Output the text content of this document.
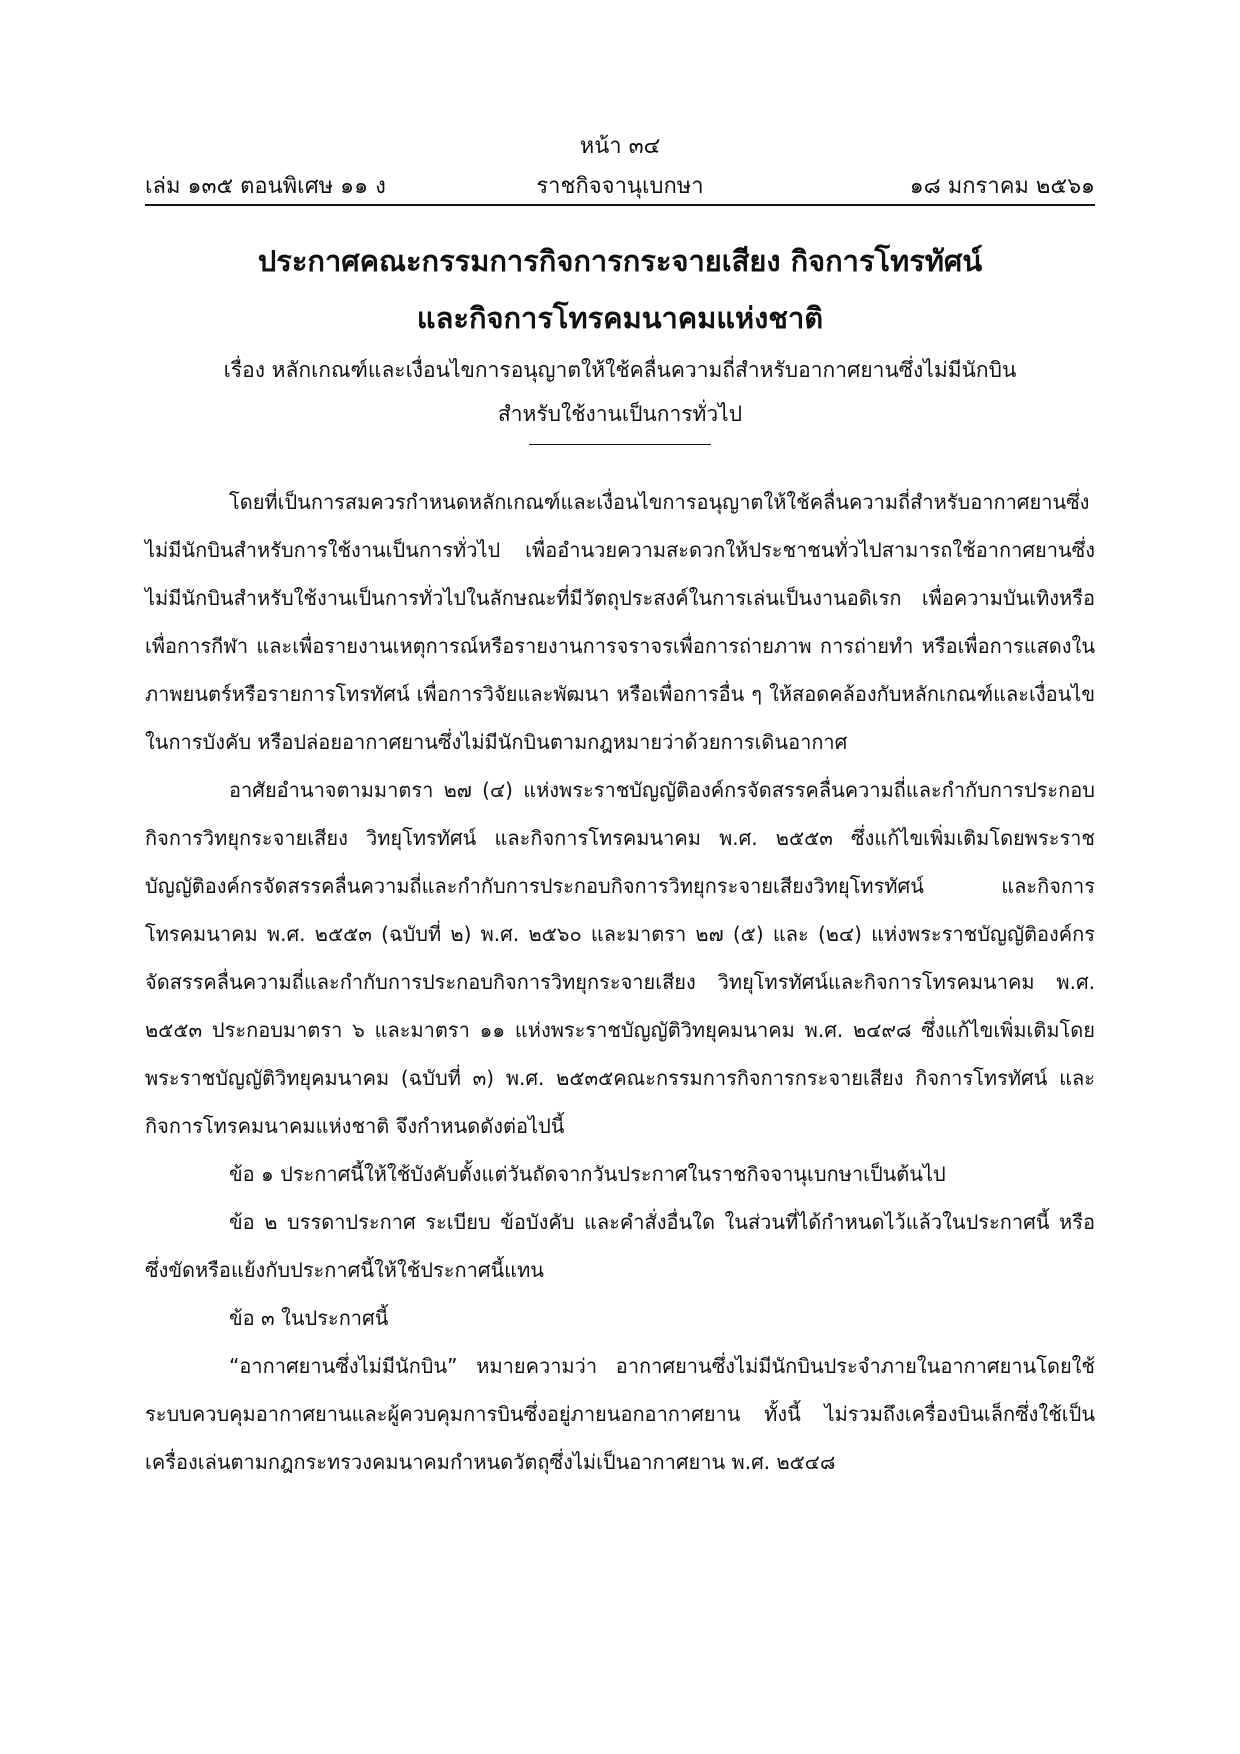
หน้า ๓๔
เล่ม ๑๓๕ ตอนพิเศษ ๑๑ ง	ราชกิจจานุเบกษา	๑๘ มกราคม ๒๕๖๑
ประกาศคณะกรรมการกิจการกระจายเสียง กิจการโทรทัศน์
และกิจการโทรคมนาคมแห่งชาติ
เรื่อง หลักเกณฑ์และเงื่อนไขการอนุญาตให้ใช้คลื่นความถี่สำหรับอากาศยานซึ่งไม่มีนักบิน
สำหรับใช้งานเป็นการทั่วไป

โดยที่เป็นการสมควรกำหนดหลักเกณฑ์และเงื่อนไขการอนุญาตให้ใช้คลื่นความถี่สำหรับอากาศยานซึ่งไม่มีนักบินสำหรับการใช้งานเป็นการทั่วไป เพื่ออำนวยความสะดวกให้ประชาชนทั่วไปสามารถใช้อากาศยานซึ่งไม่มีนักบินสำหรับใช้งานเป็นการทั่วไปในลักษณะที่มีวัตถุประสงค์ในการเล่นเป็นงานอดิเรก เพื่อความบันเทิงหรือเพื่อการกีฬา และเพื่อรายงานเหตุการณ์หรือรายงานการจราจรเพื่อการถ่ายภาพ การถ่ายทำ หรือเพื่อการแสดงในภาพยนตร์หรือรายการโทรทัศน์ เพื่อการวิจัยและพัฒนา หรือเพื่อการอื่น ๆ ให้สอดคล้องกับหลักเกณฑ์และเงื่อนไขในการบังคับ หรือปล่อยอากาศยานซึ่งไม่มีนักบินตามกฎหมายว่าด้วยการเดินอากาศ

อาศัยอำนาจตามมาตรา ๒๗ (๔) แห่งพระราชบัญญัติองค์กรจัดสรรคลื่นความถี่และกำกับการประกอบกิจการวิทยุกระจายเสียง วิทยุโทรทัศน์ และกิจการโทรคมนาคม พ.ศ. ๒๕๕๓ ซึ่งแก้ไขเพิ่มเติมโดยพระราชบัญญัติองค์กรจัดสรรคลื่นความถี่และกำกับการประกอบกิจการวิทยุกระจายเสียงวิทยุโทรทัศน์ และกิจการโทรคมนาคม พ.ศ. ๒๕๕๓ (ฉบับที่ ๒) พ.ศ. ๒๕๖๐ และมาตรา ๒๗ (๕) และ (๒๔) แห่งพระราชบัญญัติองค์กรจัดสรรคลื่นความถี่และกำกับการประกอบกิจการวิทยุกระจายเสียง วิทยุโทรทัศน์และกิจการโทรคมนาคม พ.ศ. ๒๕๕๓ ประกอบมาตรา ๖ และมาตรา ๑๑ แห่งพระราชบัญญัติวิทยุคมนาคม พ.ศ. ๒๔๙๘ ซึ่งแก้ไขเพิ่มเติมโดยพระราชบัญญัติวิทยุคมนาคม (ฉบับที่ ๓) พ.ศ. ๒๕๓๕คณะกรรมการกิจการกระจายเสียง กิจการโทรทัศน์ และกิจการโทรคมนาคมแห่งชาติ จึงกำหนดดังต่อไปนี้

ข้อ ๑ ประกาศนี้ให้ใช้บังคับตั้งแต่วันถัดจากวันประกาศในราชกิจจานุเบกษาเป็นต้นไป

ข้อ ๒ บรรดาประกาศ ระเบียบ ข้อบังคับ และคำสั่งอื่นใด ในส่วนที่ได้กำหนดไว้แล้วในประกาศนี้ หรือซึ่งขัดหรือแย้งกับประกาศนี้ให้ใช้ประกาศนี้แทน

ข้อ ๓ ในประกาศนี้

“อากาศยานซึ่งไม่มีนักบิน” หมายความว่า อากาศยานซึ่งไม่มีนักบินประจำภายในอากาศยานโดยใช้ระบบควบคุมอากาศยานและผู้ควบคุมการบินซึ่งอยู่ภายนอกอากาศยาน ทั้งนี้ ไม่รวมถึงเครื่องบินเล็กซึ่งใช้เป็นเครื่องเล่นตามกฎกระทรวงคมนาคมกำหนดวัตถุซึ่งไม่เป็นอากาศยาน พ.ศ. ๒๕๔๘
